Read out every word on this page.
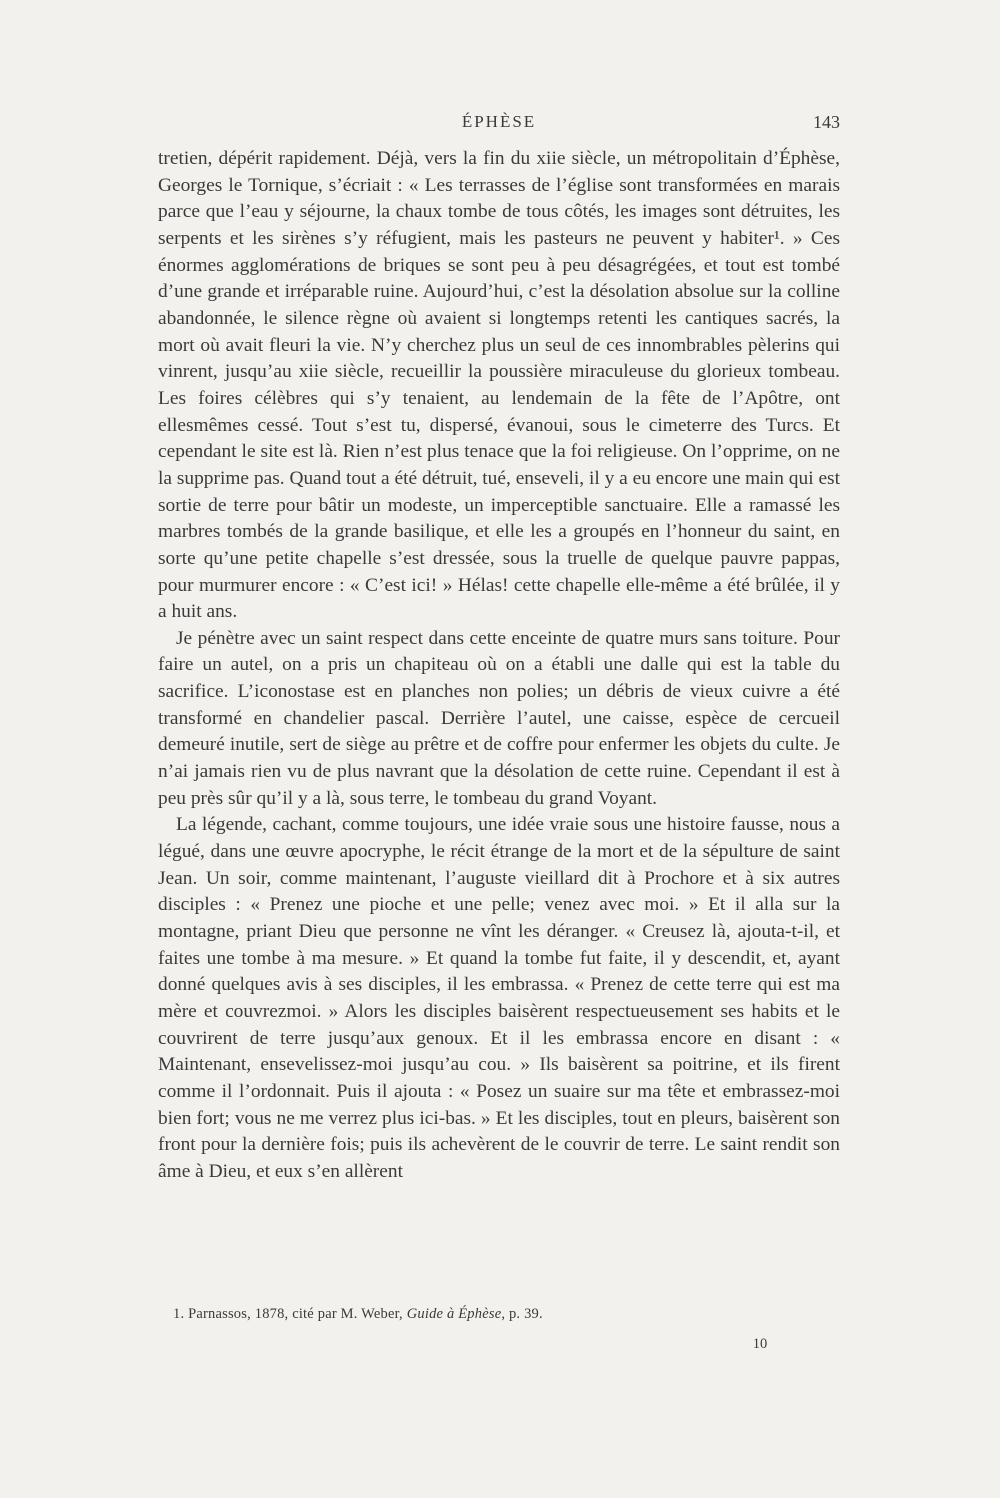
ÉPHÈSE	143

tretien, dépérit rapidement. Déjà, vers la fin du xiie siècle, un métropolitain d’Éphèse, Georges le Tornique, s’écriait : « Les terrasses de l’église sont transformées en marais parce que l’eau y séjourne, la chaux tombe de tous côtés, les images sont détruites, les serpents et les sirènes s’y réfugient, mais les pasteurs ne peuvent y habiter¹. » Ces énormes agglomérations de briques se sont peu à peu désagrégées, et tout est tombé d’une grande et irréparable ruine. Aujourd’hui, c’est la désolation absolue sur la colline abandonnée, le silence règne où avaient si longtemps retenti les cantiques sacrés, la mort où avait fleuri la vie. N’y cherchez plus un seul de ces innombrables pèlerins qui vinrent, jusqu’au xiie siècle, recueillir la poussière miraculeuse du glorieux tombeau. Les foires célèbres qui s’y tenaient, au lendemain de la fête de l’Apôtre, ont ellesmêmes cessé. Tout s’est tu, dispersé, évanoui, sous le cimeterre des Turcs. Et cependant le site est là. Rien n’est plus tenace que la foi religieuse. On l’opprime, on ne la supprime pas. Quand tout a été détruit, tué, enseveli, il y a eu encore une main qui est sortie de terre pour bâtir un modeste, un imperceptible sanctuaire. Elle a ramassé les marbres tombés de la grande basilique, et elle les a groupés en l’honneur du saint, en sorte qu’une petite chapelle s’est dressée, sous la truelle de quelque pauvre pappas, pour murmurer encore : « C’est ici! » Hélas! cette chapelle elle-même a été brûlée, il y a huit ans.

Je pénètre avec un saint respect dans cette enceinte de quatre murs sans toiture. Pour faire un autel, on a pris un chapiteau où on a établi une dalle qui est la table du sacrifice. L’iconostase est en planches non polies; un débris de vieux cuivre a été transformé en chandelier pascal. Derrière l’autel, une caisse, espèce de cercueil demeuré inutile, sert de siège au prêtre et de coffre pour enfermer les objets du culte. Je n’ai jamais rien vu de plus navrant que la désolation de cette ruine. Cependant il est à peu près sûr qu’il y a là, sous terre, le tombeau du grand Voyant.

La légende, cachant, comme toujours, une idée vraie sous une histoire fausse, nous a légué, dans une œuvre apocryphe, le récit étrange de la mort et de la sépulture de saint Jean. Un soir, comme maintenant, l’auguste vieillard dit à Prochore et à six autres disciples : « Prenez une pioche et une pelle; venez avec moi. » Et il alla sur la montagne, priant Dieu que personne ne vînt les déranger. « Creusez là, ajouta-t-il, et faites une tombe à ma mesure. » Et quand la tombe fut faite, il y descendit, et, ayant donné quelques avis à ses disciples, il les embrassa. « Prenez de cette terre qui est ma mère et couvrezmoi. » Alors les disciples baisèrent respectueusement ses habits et le couvrirent de terre jusqu’aux genoux. Et il les embrassa encore en disant : « Maintenant, ensevelissez-moi jusqu’au cou. » Ils baisèrent sa poitrine, et ils firent comme il l’ordonnait. Puis il ajouta : « Posez un suaire sur ma tête et embrassez-moi bien fort; vous ne me verrez plus ici-bas. » Et les disciples, tout en pleurs, baisèrent son front pour la dernière fois; puis ils achevèrent de le couvrir de terre. Le saint rendit son âme à Dieu, et eux s’en allèrent

1. Parnassos, 1878, cité par M. Weber, Guide à Éphèse, p. 39.
10
